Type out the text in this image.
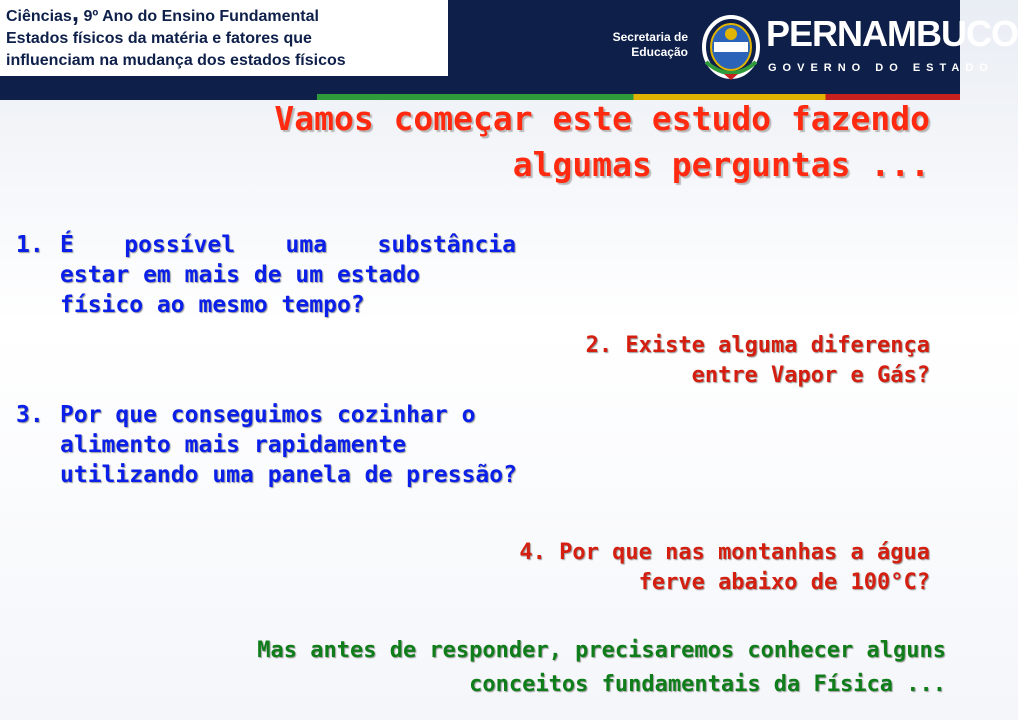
Ciências, 9º Ano do Ensino Fundamental
Estados físicos da matéria e fatores que
influenciam na mudança dos estados físicos
Secretaria de
Educação PERNAMBUCO
GOVERNO DO ESTADO
Vamos começar este estudo fazendo
algumas perguntas ...
1. É possível uma substância
estar em mais de um estado
físico ao mesmo tempo?
2. Existe alguma diferença
entre Vapor e Gás?
3. Por que conseguimos cozinhar o
alimento mais rapidamente
utilizando uma panela de pressão?
4. Por que nas montanhas a água
ferve abaixo de 100°C?
Mas antes de responder, precisaremos conhecer alguns
conceitos fundamentais da Física ...
